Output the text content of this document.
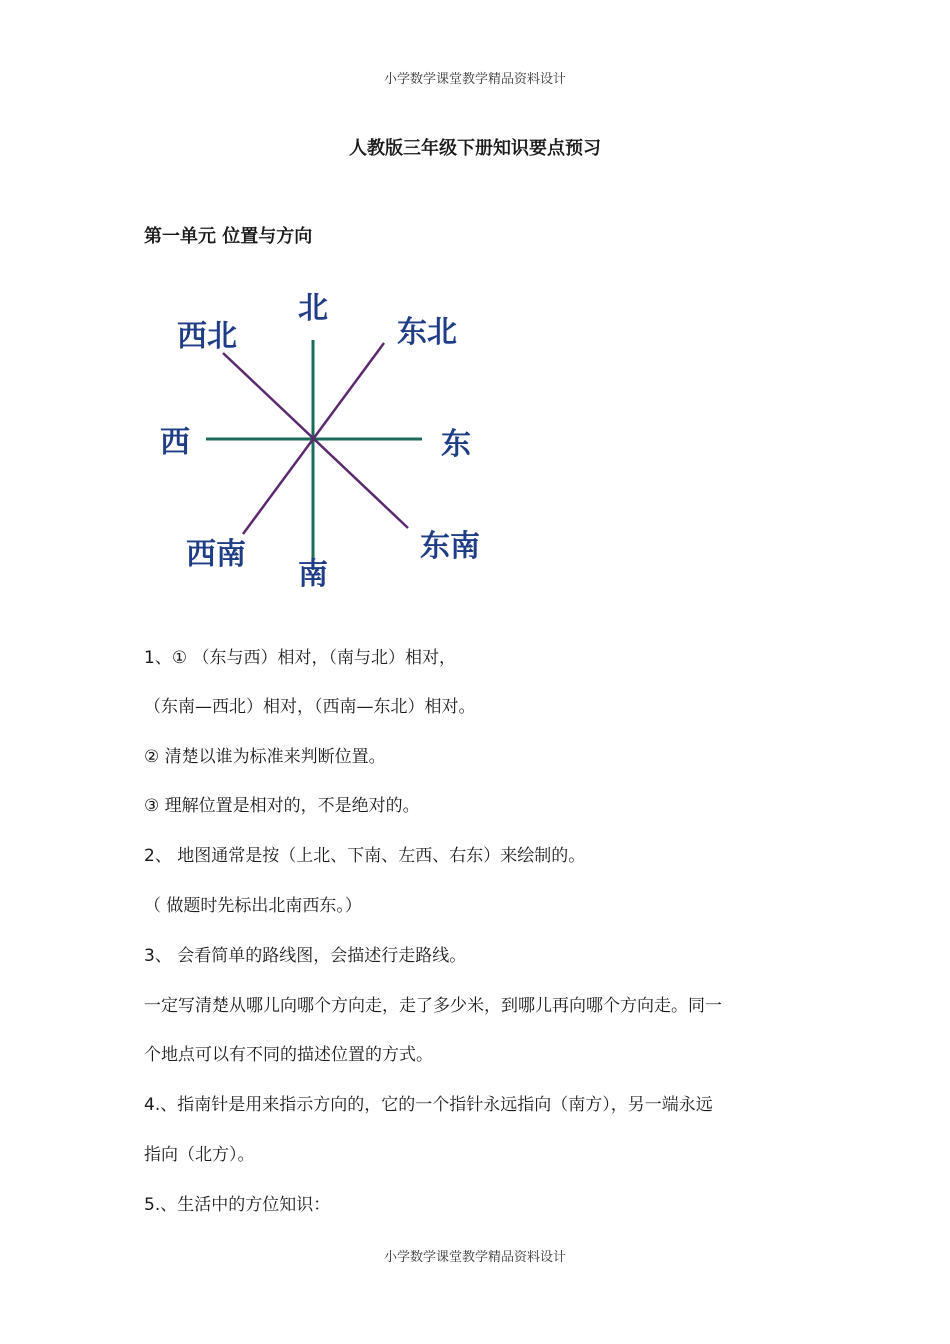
小学数学课堂教学精品资料设计
人教版三年级下册知识要点预习
第一单元 位置与方向
北
东北
东
东南
南
西南
西
西北
1、① （东与西）相对，（南与北）相对，
（东南—西北）相对，（西南—东北）相对。
② 清楚以谁为标准来判断位置。
③ 理解位置是相对的，不是绝对的。
2、 地图通常是按（上北、下南、左西、右东）来绘制的。
（ 做题时先标出北南西东。）
3、 会看简单的路线图，会描述行走路线。
一定写清楚从哪儿向哪个方向走，走了多少米，到哪儿再向哪个方向走。同一
个地点可以有不同的描述位置的方式。
4.、指南针是用来指示方向的，它的一个指针永远指向（南方），另一端永远
指向（北方）。
5.、生活中的方位知识：
小学数学课堂教学精品资料设计
